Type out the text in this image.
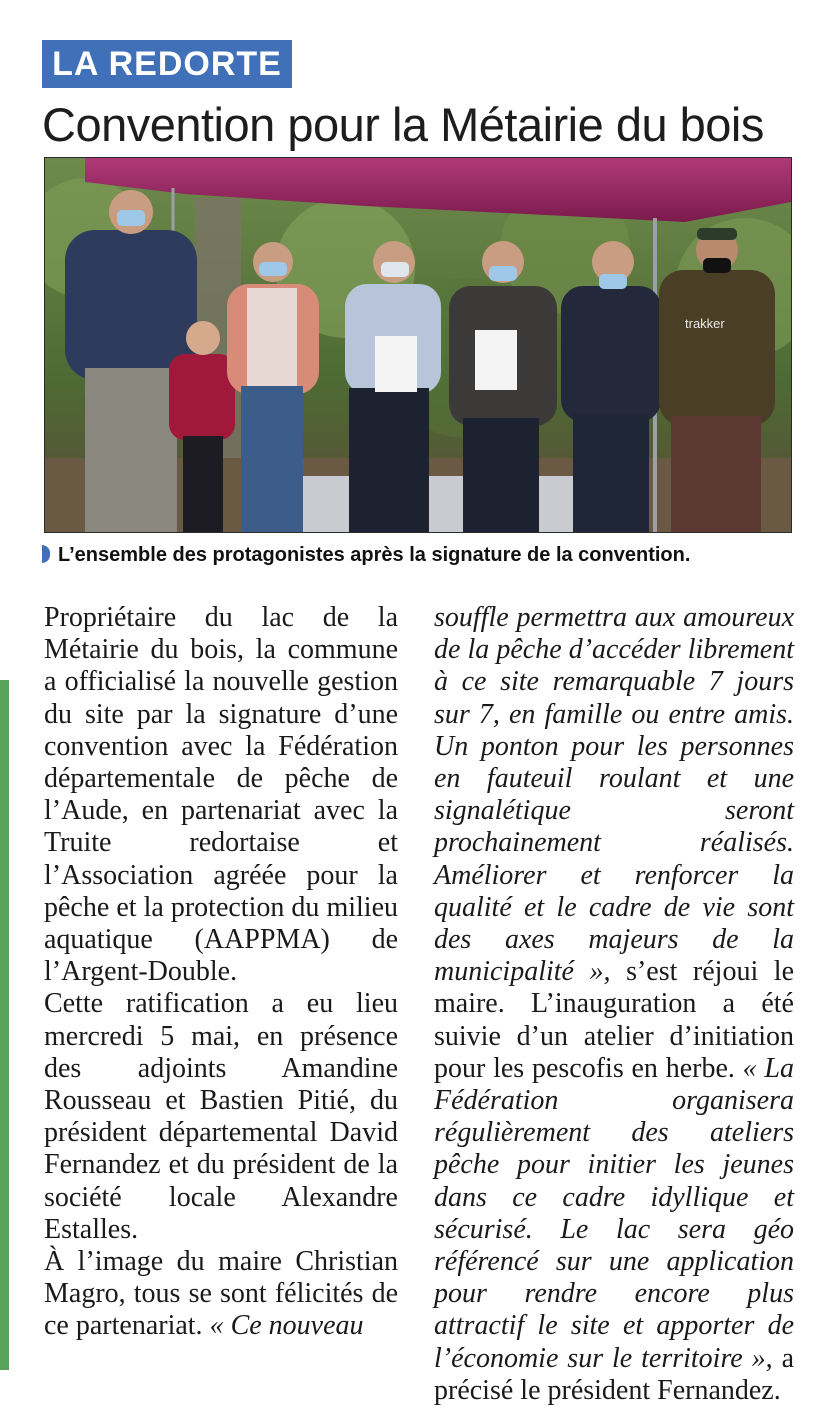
LA REDORTE
Convention pour la Métairie du bois
trakker
L’ensemble des protagonistes après la signature de la convention.

Propriétaire du lac de la Métairie du bois, la commune a officialisé la nouvelle gestion du site par la signature d’une convention avec la Fédération départementale de pêche de l’Aude, en partenariat avec la Truite redortaise et l’Association agréée pour la pêche et la protection du milieu aquatique (AAPPMA) de l’Argent-Double.

Cette ratification a eu lieu mercredi 5 mai, en présence des adjoints Amandine Rousseau et Bastien Pitié, du président départemental David Fernandez et du président de la société locale Alexandre Estalles.

À l’image du maire Christian Magro, tous se sont félicités de ce partenariat. « Ce nouveau

souffle permettra aux amoureux de la pêche d’accéder librement à ce site remarquable 7 jours sur 7, en famille ou entre amis. Un ponton pour les personnes en fauteuil roulant et une signalétique seront prochainement réalisés. Améliorer et renforcer la qualité et le cadre de vie sont des axes majeurs de la municipalité », s’est réjoui le maire. L’inauguration a été suivie d’un atelier d’initiation pour les pescofis en herbe. « La Fédération organisera régulièrement des ateliers pêche pour initier les jeunes dans ce cadre idyllique et sécurisé. Le lac sera géo référencé sur une application pour rendre encore plus attractif le site et apporter de l’économie sur le territoire », a précisé le président Fernandez.
